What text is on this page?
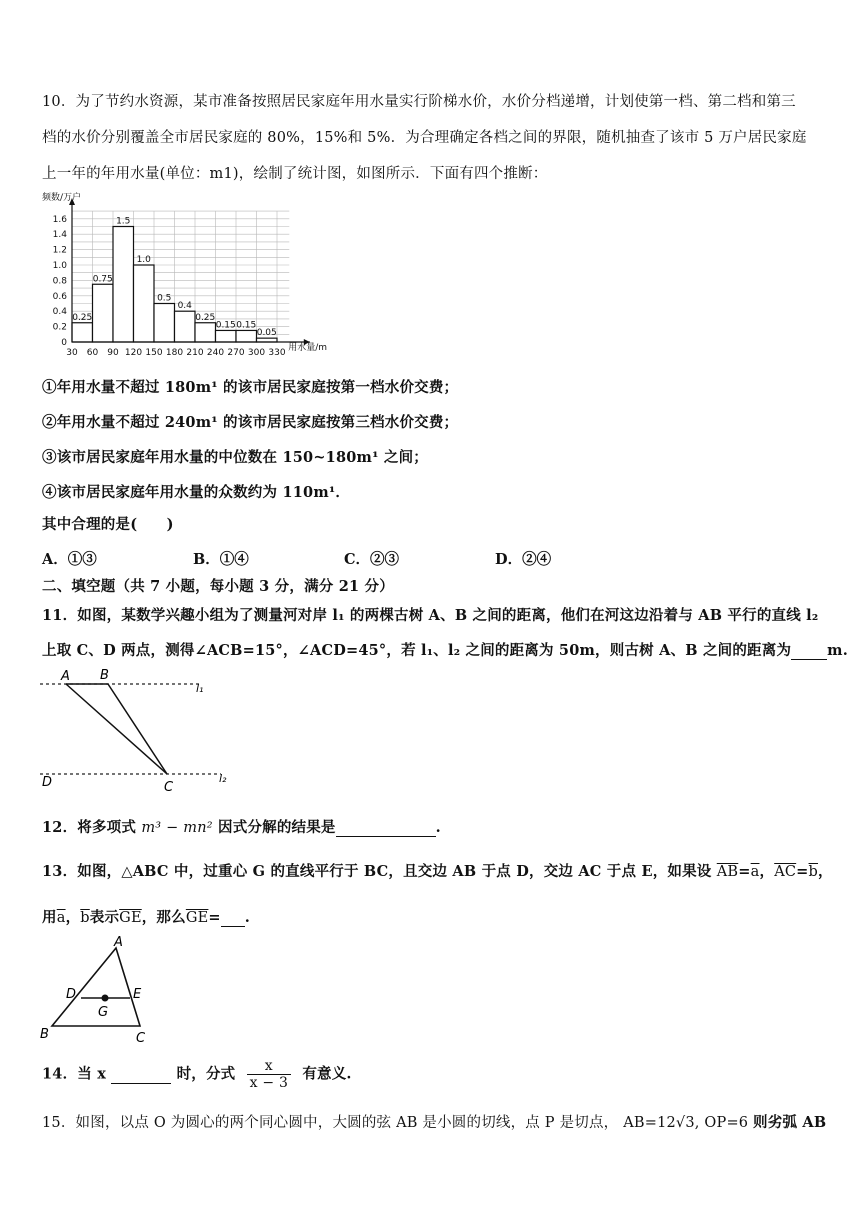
10．为了节约水资源，某市准备按照居民家庭年用水量实行阶梯水价，水价分档递增，计划使第一档、第二档和第三
档的水价分别覆盖全市居民家庭的 80%，15%和 5%．为合理确定各档之间的界限，随机抽查了该市 5 万户居民家庭
上一年的年用水量(单位：m1)，绘制了统计图，如图所示．下面有四个推断：
0.25
0.75
1.5
1.0
0.5
0.4
0.25
0.15 0.15
0.05
0
0.2
0.4
0.6
0.8
1.0
1.2
1.4
1.6
30 60 90 120 150 180 210 240 270 300 330
频数/万户
用水量/m
①年用水量不超过 180m¹ 的该市居民家庭按第一档水价交费；
②年用水量不超过 240m¹ 的该市居民家庭按第三档水价交费；
③该市居民家庭年用水量的中位数在 150~180m¹ 之间；
④该市居民家庭年用水量的众数约为 110m¹．
其中合理的是(　　)
A．①③	B．①④	C．②③	D．②④
二、填空题（共 7 小题，每小题 3 分，满分 21 分）
11．如图，某数学兴趣小组为了测量河对岸 l₁ 的两棵古树 A、B 之间的距离，他们在河这边沿着与 AB 平行的直线 l₂
上取 C、D 两点，测得∠ACB=15°，∠ACD=45°，若 l₁、l₂ 之间的距离为 50m，则古树 A、B 之间的距离为 m.
A B
C
D
l₁
l₂
12．将多项式 m³ − mn² 因式分解的结果是	.
13．如图，△ABC 中，过重心 G 的直线平行于 BC，且交边 AB 于点 D，交边 AC 于点 E，如果设 $\overline{AB}=\overline{a}$，$\overline{AC}=\overline{b}$，
用$\overline{a}$，$\overline{b}$表示$\overline{GE}$，那么$\overline{GE}=$ .
A
B	C
D	E
G
14．当 x	时，分式 $\frac{x}{x - 3}$ 有意义.
15．如图，以点 O 为圆心的两个同心圆中，大圆的弦 AB 是小圆的切线，点 P 是切点， AB=12√3, OP=6 则劣弧 AB
